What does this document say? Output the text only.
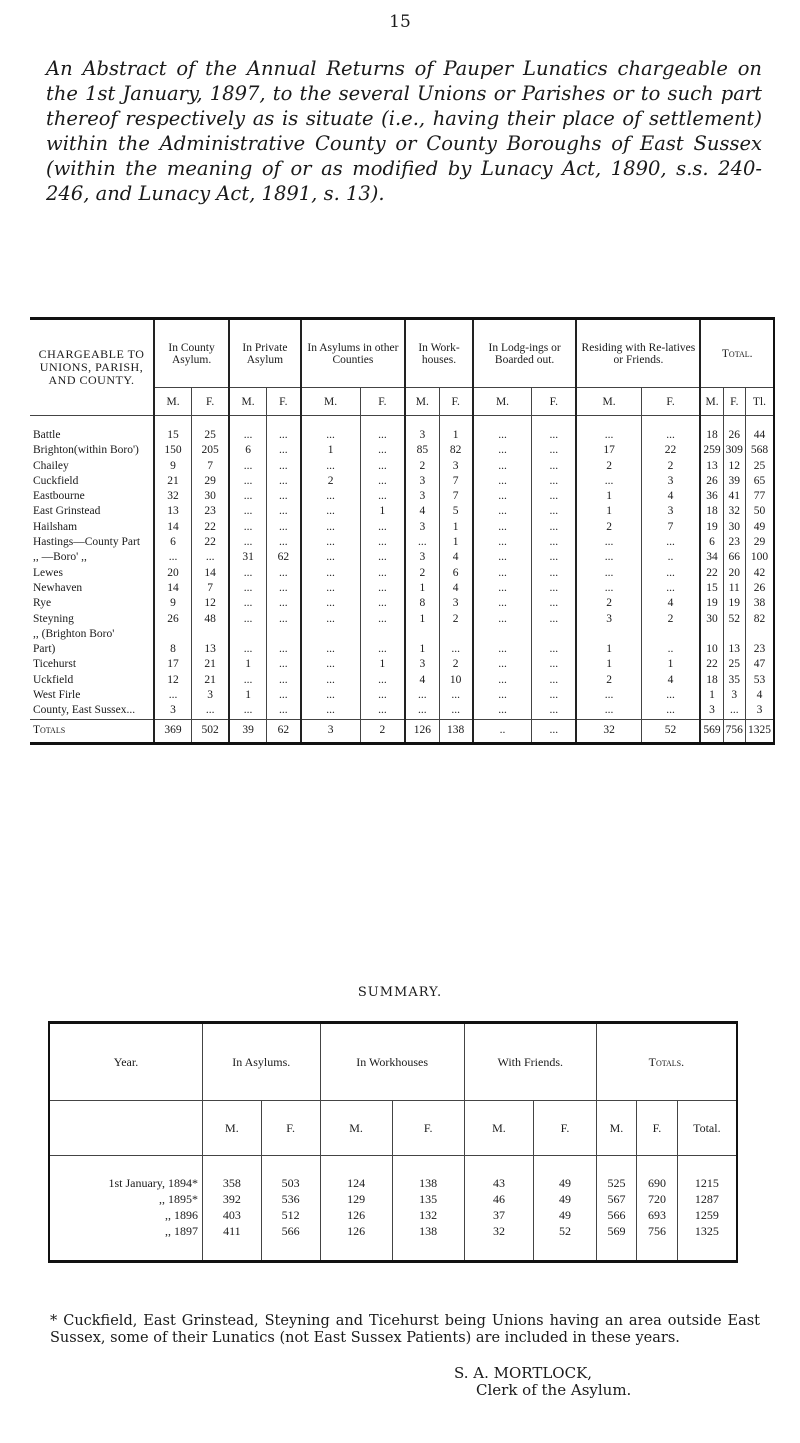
15
An Abstract of the Annual Returns of Pauper Lunatics chargeable on the 1st January, 1897, to the several Unions or Parishes or to such part thereof respectively as is situate (i.e., having their place of settlement) within the Administrative County or County Boroughs of East Sussex (within the meaning of or as modified by Lunacy Act, 1890, s.s. 240-246, and Lunacy Act, 1891, s. 13).
CHARGEABLE TO UNIONS, PARISH, AND COUNTY.	In County Asylum.		In Private Asylum		In Asylums in other Counties		In Work-houses.		In Lodg-ings or Boarded out.		Residing with Re-latives or Friends.		Total.		
	M.	F.	M.	F.	M.	F.	M.	F.	M.	F.	M.	F.	M.	F.	Tl.
Battle	15	25	...	...	...	...	3	1	...	...	...	...	18	26	44
Brighton(within Boro')	150	205	6	...	1	...	85	82	...	...	17	22	259	309	568
Chailey	9	7	...	...	...	...	2	3	...	...	2	2	13	12	25
Cuckfield	21	29	...	...	2	...	3	7	...	...	...	3	26	39	65
Eastbourne	32	30	...	...	...	...	3	7	...	...	1	4	36	41	77
East Grinstead	13	23	...	...	...	1	4	5	...	...	1	3	18	32	50
Hailsham	14	22	...	...	...	...	3	1	...	...	2	7	19	30	49
Hastings—County Part	6	22	...	...	...	...	...	1	...	...	...	...	6	23	29
,, —Boro' ,,	...	...	31	62	...	...	3	4	...	...	...	..	34	66	100
Lewes	20	14	...	...	...	...	2	6	...	...	...	...	22	20	42
Newhaven	14	7	...	...	...	...	1	4	...	...	...	...	15	11	26
Rye	9	12	...	...	...	...	8	3	...	...	2	4	19	19	38
Steyning	26	48	...	...	...	...	1	2	...	...	3	2	30	52	82
,, (Brighton Boro'															
Part)	8	13	...	...	...	...	1	...	...	...	1	..	10	13	23
Ticehurst	17	21	1	...	...	1	3	2	...	...	1	1	22	25	47
Uckfield	12	21	...	...	...	...	4	10	...	...	2	4	18	35	53
West Firle	...	3	1	...	...	...	...	...	...	...	...	...	1	3	4
County, East Sussex...	3	...	...	...	...	...	...	...	...	...	...	...	3	...	3
Totals	369	502	39	62	3	2	126	138	..	...	32	52	569	756	1325
SUMMARY.
Year.	In Asylums.		In Workhouses		With Friends.		Totals.		
	M.	F.	M.	F.	M.	F.	M.	F.	Total.
1st January, 1894*	358	503	124	138	43	49	525	690	1215
,, 1895*	392	536	129	135	46	49	567	720	1287
,, 1896	403	512	126	132	37	49	566	693	1259
,, 1897	411	566	126	138	32	52	569	756	1325
* Cuckfield, East Grinstead, Steyning and Ticehurst being Unions having an area outside East Sussex, some of their Lunatics (not East Sussex Patients) are included in these years.
S. A. MORTLOCK,
Clerk of the Asylum.
